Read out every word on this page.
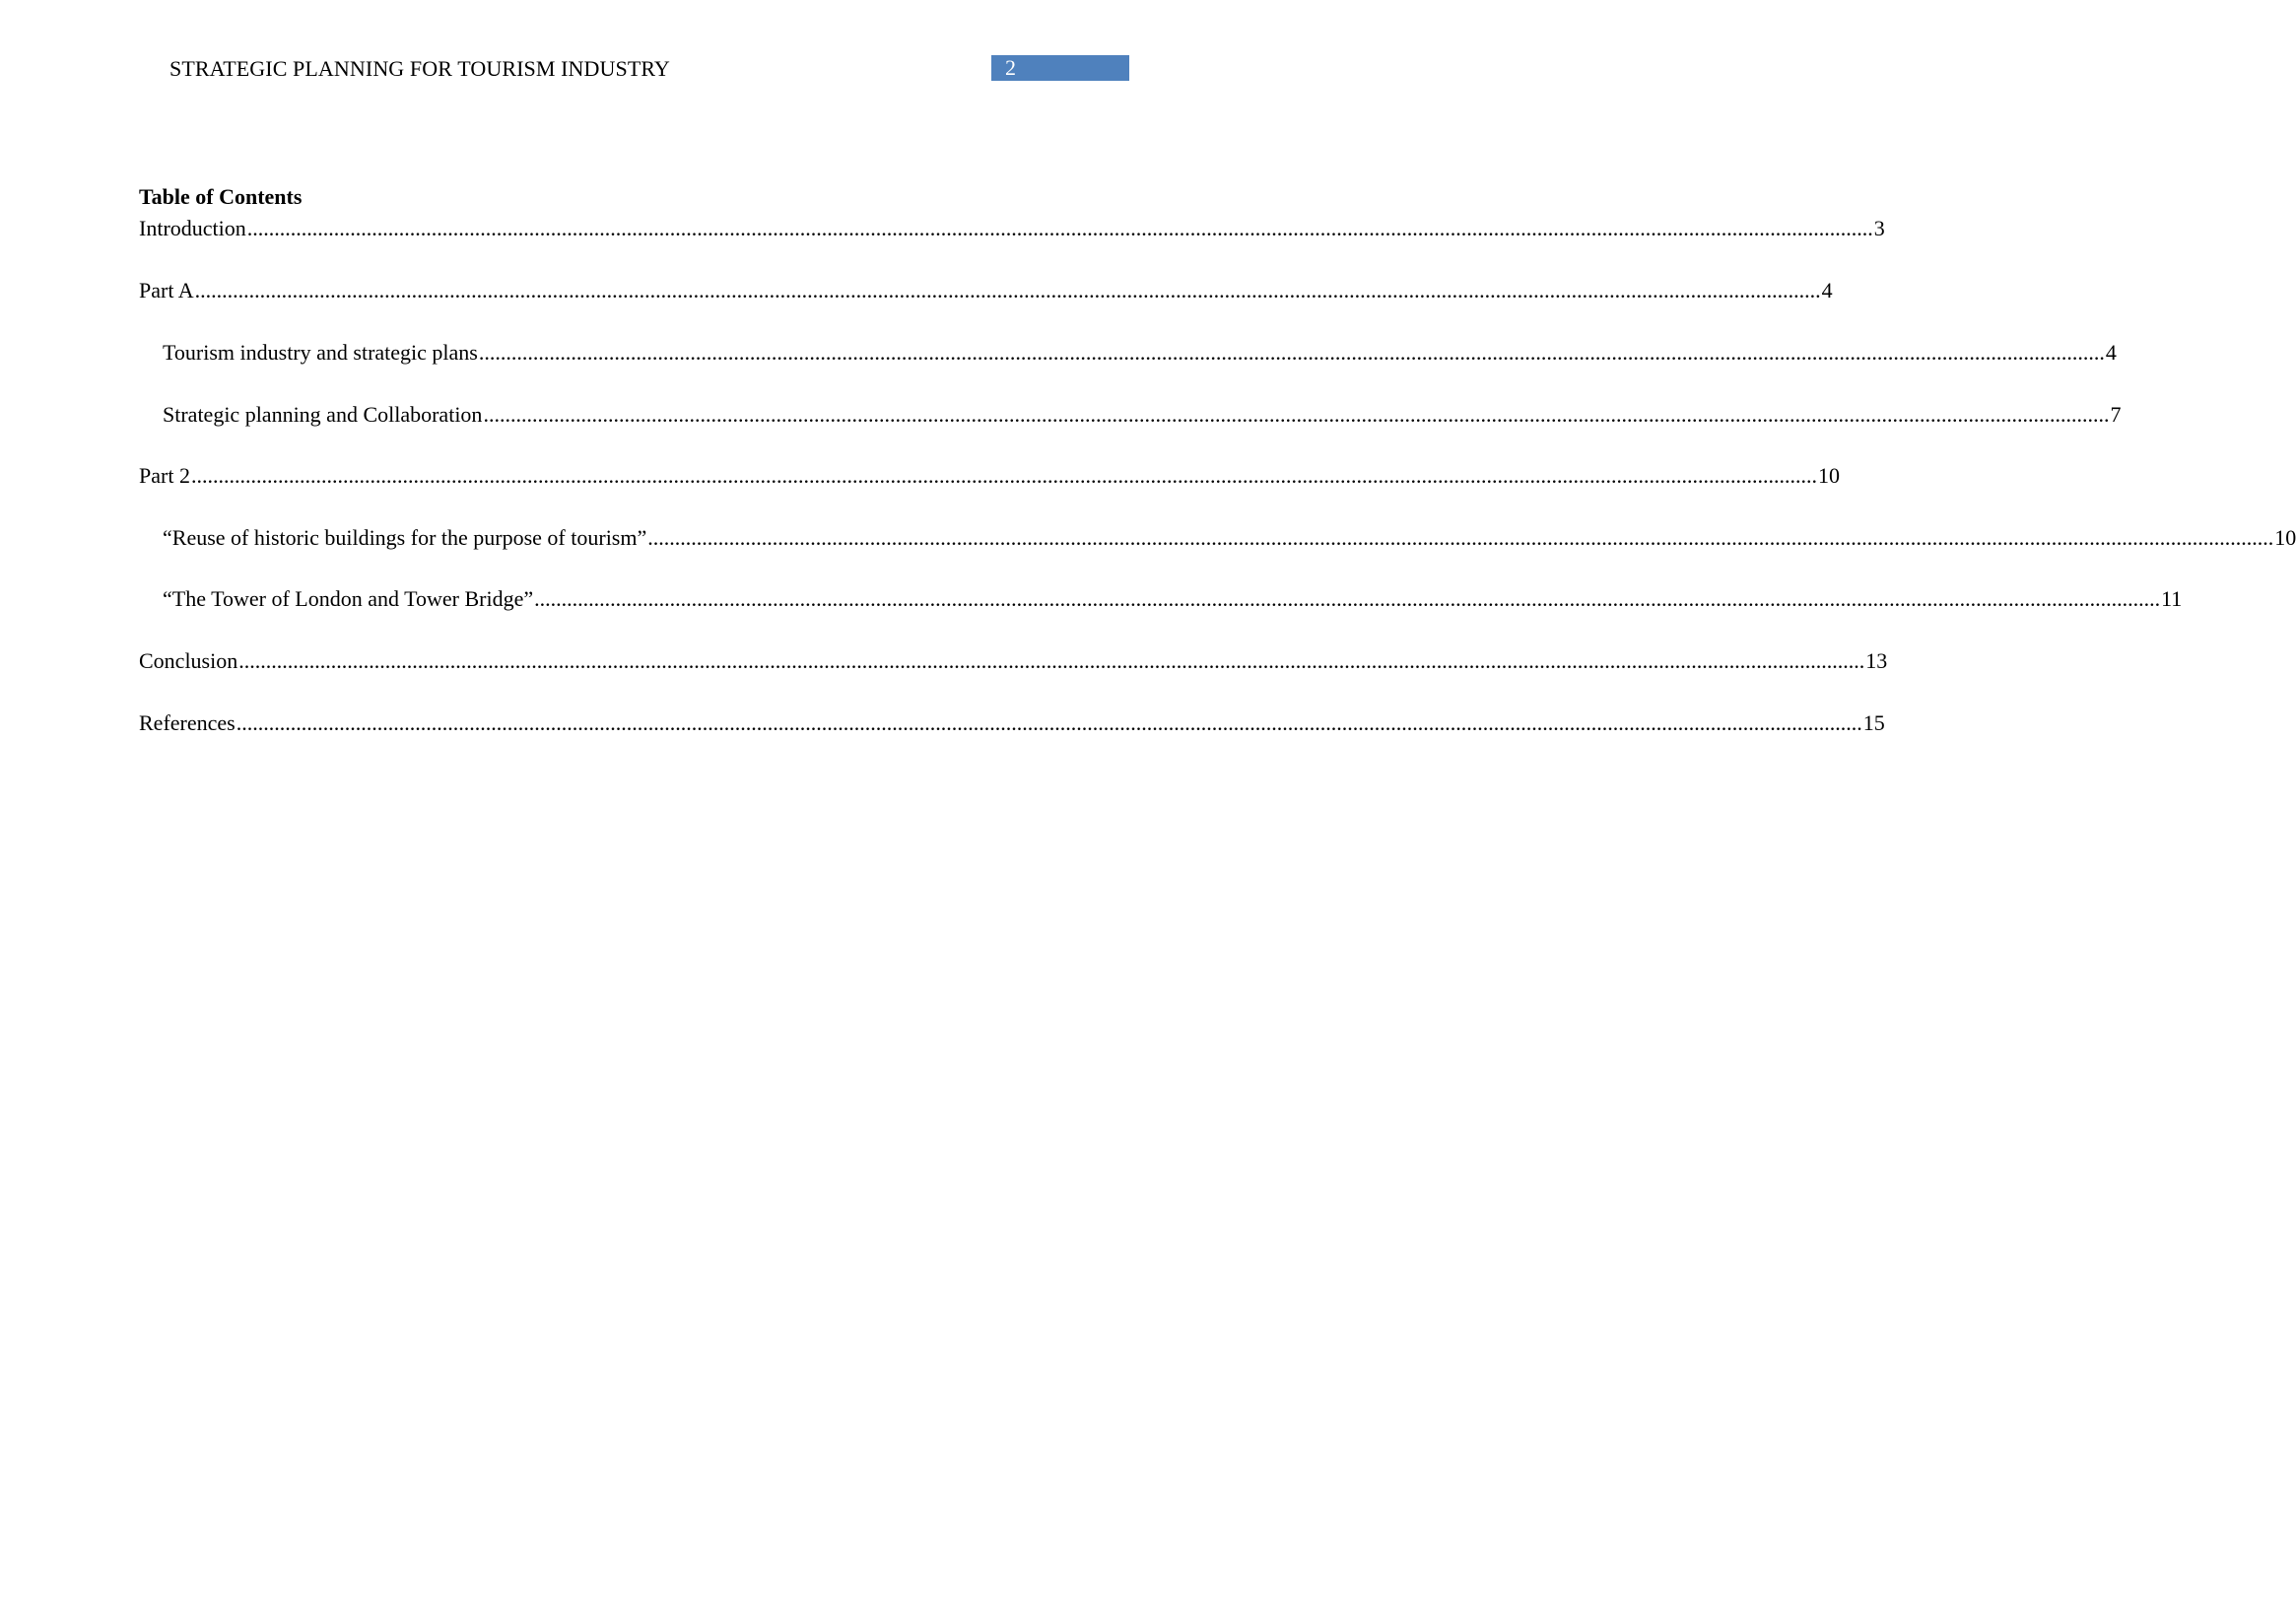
STRATEGIC PLANNING FOR TOURISM INDUSTRY	2
Table of Contents
Introduction ............................................................................................................................................................................................................................................................................................................ 3
Part A ............................................................................................................................................................................................................................................................................................................ 4
Tourism industry and strategic plans ............................................................................................................................................................................................................................................................................................................ 4
Strategic planning and Collaboration ............................................................................................................................................................................................................................................................................................................ 7
Part 2 ............................................................................................................................................................................................................................................................................................................ 10
“Reuse of historic buildings for the purpose of tourism” ............................................................................................................................................................................................................................................................................................................ 10
“The Tower of London and Tower Bridge” ............................................................................................................................................................................................................................................................................................................ 11
Conclusion ............................................................................................................................................................................................................................................................................................................ 13
References ............................................................................................................................................................................................................................................................................................................ 15
